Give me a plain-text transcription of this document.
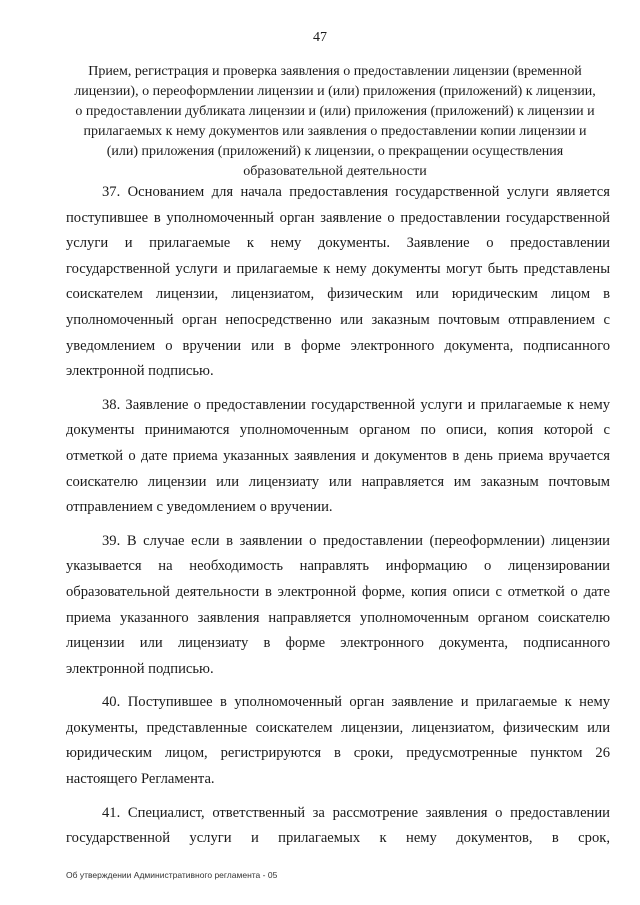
47
Прием, регистрация и проверка заявления о предоставлении лицензии (временной лицензии), о переоформлении лицензии и (или) приложения (приложений) к лицензии, о предоставлении дубликата лицензии и (или) приложения (приложений) к лицензии и прилагаемых к нему документов или заявления о предоставлении копии лицензии и (или) приложения (приложений) к лицензии, о прекращении осуществления образовательной деятельности

37. Основанием для начала предоставления государственной услуги является поступившее в уполномоченный орган заявление о предоставлении государственной услуги и прилагаемые к нему документы. Заявление о предоставлении государственной услуги и прилагаемые к нему документы могут быть представлены соискателем лицензии, лицензиатом, физическим или юридическим лицом в уполномоченный орган непосредственно или заказным почтовым отправлением с уведомлением о вручении или в форме электронного документа, подписанного электронной подписью.

38. Заявление о предоставлении государственной услуги и прилагаемые к нему документы принимаются уполномоченным органом по описи, копия которой с отметкой о дате приема указанных заявления и документов в день приема вручается соискателю лицензии или лицензиату или направляется им заказным почтовым отправлением с уведомлением о вручении.

39. В случае если в заявлении о предоставлении (переоформлении) лицензии указывается на необходимость направлять информацию о лицензировании образовательной деятельности в электронной форме, копия описи с отметкой о дате приема указанного заявления направляется уполномоченным органом соискателю лицензии или лицензиату в форме электронного документа, подписанного электронной подписью.

40. Поступившее в уполномоченный орган заявление и прилагаемые к нему документы, представленные соискателем лицензии, лицензиатом, физическим или юридическим лицом, регистрируются в сроки, предусмотренные пунктом 26 настоящего Регламента.

41. Специалист, ответственный за рассмотрение заявления о предоставлении государственной услуги и прилагаемых к нему документов, в срок,

Об утверждении Административного регламента - 05
